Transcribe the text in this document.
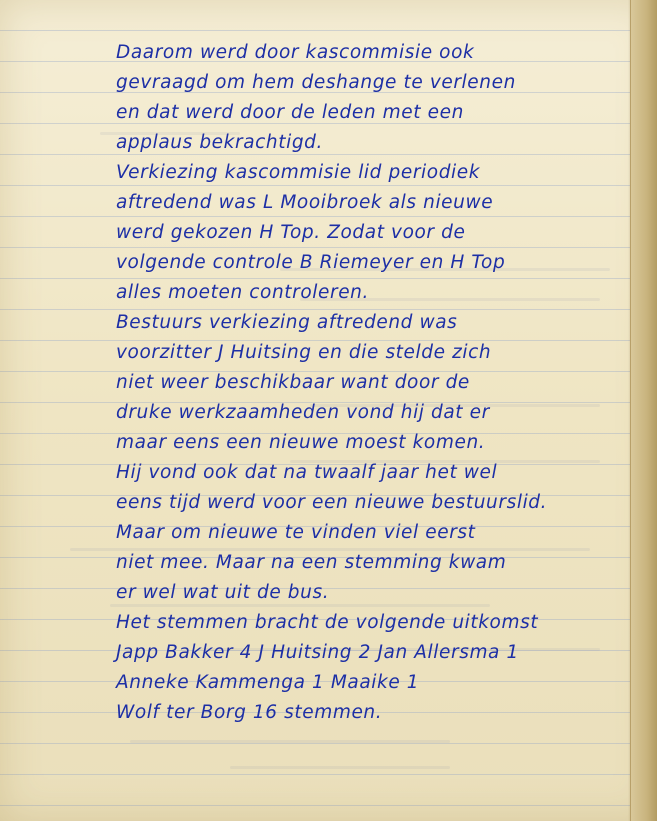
Daarom werd door kascommisie ook
gevraagd om hem deshange te verlenen
en dat werd door de leden met een
applaus bekrachtigd.
Verkiezing kascommisie lid periodiek
aftredend was L Mooibroek als nieuwe
werd gekozen H Top. Zodat voor de
volgende controle B Riemeyer en H Top
alles moeten controleren.
Bestuurs verkiezing aftredend was
voorzitter J Huitsing en die stelde zich
niet weer beschikbaar want door de
druke werkzaamheden vond hij dat er
maar eens een nieuwe moest komen.
Hij vond ook dat na twaalf jaar het wel
eens tijd werd voor een nieuwe bestuurslid.
Maar om nieuwe te vinden viel eerst
niet mee. Maar na een stemming kwam
er wel wat uit de bus.
Het stemmen bracht de volgende uitkomst
Japp Bakker 4 J Huitsing 2 Jan Allersma 1
Anneke Kammenga 1 Maaike 1
Wolf ter Borg 16 stemmen.
